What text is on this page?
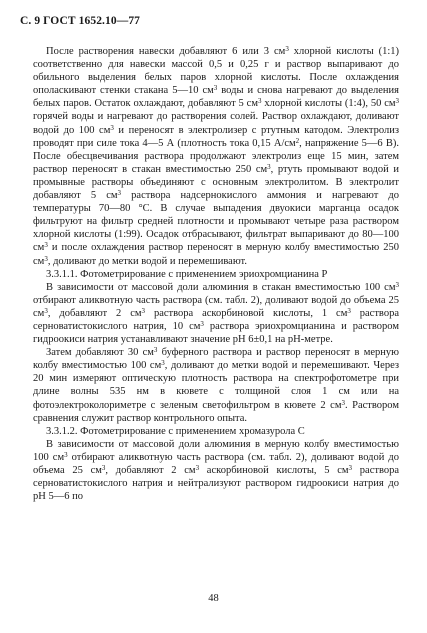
С. 9 ГОСТ 1652.10—77

После растворения навески добавляют 6 или 3 $см^3$ хлорной кислоты (1:1) соответственно для навески массой 0,5 и 0,25 г и раствор выпаривают до обильного выделения белых паров хлорной кислоты. После охлаждения ополаскивают стенки стакана 5—10 $см^3$ воды и снова нагревают до выделения белых паров. Остаток охлаждают, добавляют 5 $см^3$ хлорной кислоты (1:4), 50 $см^3$ горячей воды и нагревают до растворения солей. Раствор охлаждают, доливают водой до 100 $см^3$ и переносят в электролизер с ртутным катодом. Электролиз проводят при силе тока 4—5 А (плотность тока 0,15 $А/см^2$, напряжение 5—6 В). После обесцвечивания раствора продолжают электролиз еще 15 мин, затем раствор переносят в стакан вместимостью 250 $см^3$, ртуть промывают водой и промывные растворы объединяют с основным электролитом. В электролит добавляют 5 $см^3$ раствора надсернокислого аммония и нагревают до температуры 70—80 °С. В случае выпадения двуокиси марганца осадок фильтруют на фильтр средней плотности и промывают четыре раза раствором хлорной кислоты (1:99). Осадок отбрасывают, фильтрат выпаривают до 80—100 $см^3$ и после охлаждения раствор переносят в мерную колбу вместимостью 250 $см^3$, доливают до метки водой и перемешивают.

3.3.1.1. Фотометрирование с применением эриохромцианина Р

В зависимости от массовой доли алюминия в стакан вместимостью 100 $см^3$ отбирают аликвотную часть раствора (см. табл. 2), доливают водой до объема 25 $см^3$, добавляют 2 $см^3$ раствора аскорбиновой кислоты, 1 $см^3$ раствора серноватистокислого натрия, 10 $см^3$ раствора эриохромцианина и раствором гидроокиси натрия устанавливают значение pH 6±0,1 на pH-метре.

Затем добавляют 30 $см^3$ буферного раствора и раствор переносят в мерную колбу вместимостью 100 $см^3$, доливают до метки водой и перемешивают. Через 20 мин измеряют оптическую плотность раствора на спектрофотометре при длине волны 535 нм в кювете с толщиной слоя 1 см или на фотоэлектроколориметре с зеленым светофильтром в кювете 2 $см^3$. Раствором сравнения служит раствор контрольного опыта.

3.3.1.2. Фотометрирование с применением хромазурола С

В зависимости от массовой доли алюминия в мерную колбу вместимостью 100 $см^3$ отбирают аликвотную часть раствора (см. табл. 2), доливают водой до объема 25 $см^3$, добавляют 2 $см^3$ аскорбиновой кислоты, 5 $см^3$ раствора серноватистокислого натрия и нейтрализуют раствором гидроокиси натрия до pH 5—6 по

48
